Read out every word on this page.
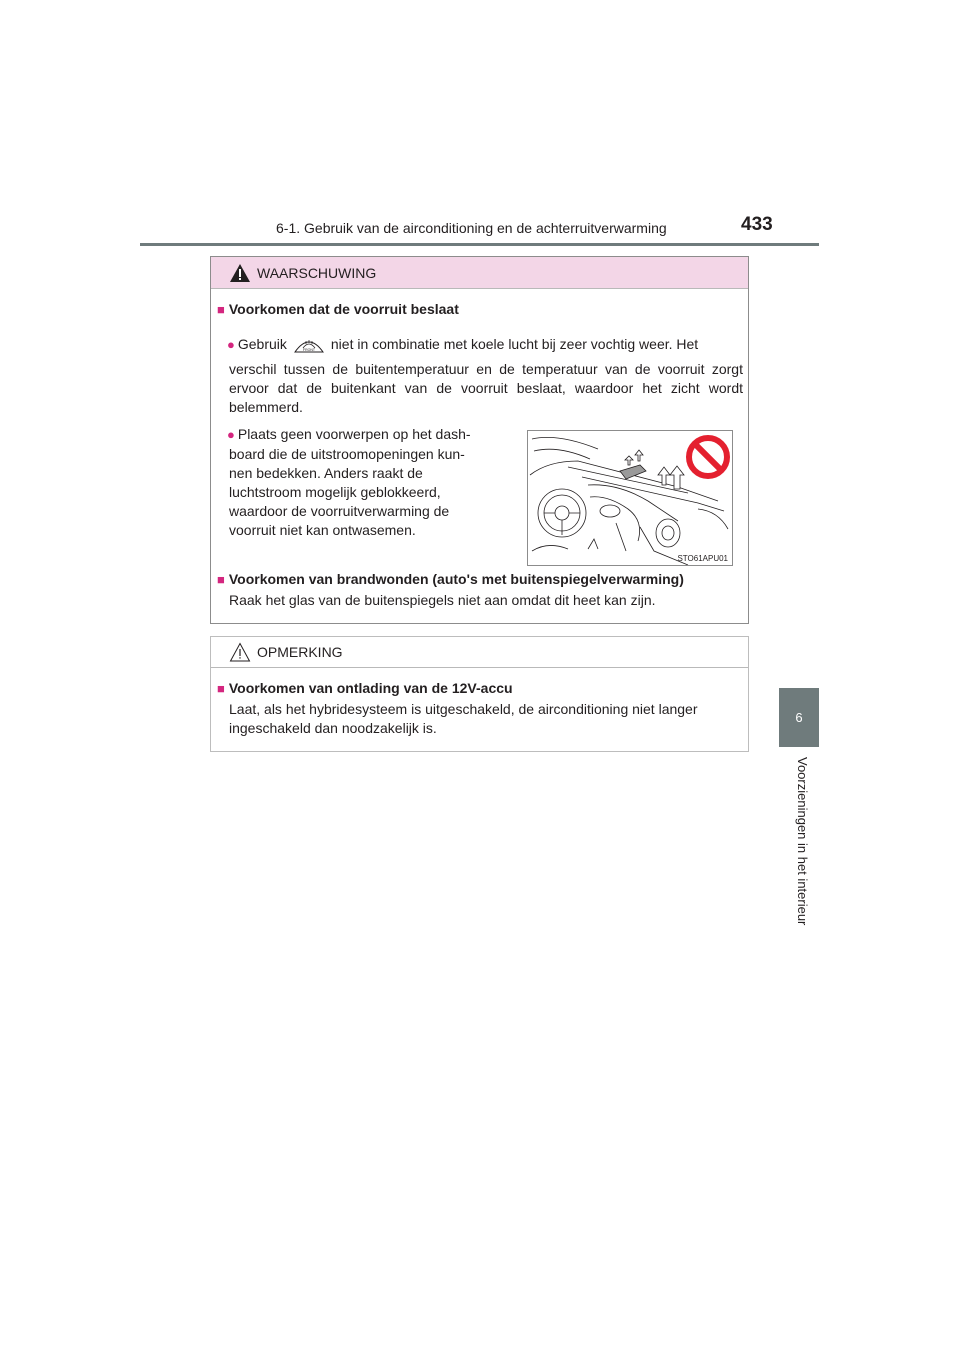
6-1. Gebruik van de airconditioning en de achterruitverwarming	433
6
Voorzieningen in het interieur
WAARSCHUWING
■ Voorkomen dat de voorruit beslaat
● Gebruik	FRONT niet in combinatie met koele lucht bij zeer vochtig weer. Het
verschil tussen de buitentemperatuur en de temperatuur van de voorruit zorgt ervoor dat de buitenkant van de voorruit beslaat, waardoor het zicht wordt belemmerd.
● Plaats geen voorwerpen op het dash-
board die de uitstroomopeningen kun-
nen bedekken. Anders raakt de
luchtstroom mogelijk geblokkeerd,
waardoor de voorruitverwarming de
voorruit niet kan ontwasemen.
STO61APU01
■ Voorkomen van brandwonden (auto's met buitenspiegelverwarming)
Raak het glas van de buitenspiegels niet aan omdat dit heet kan zijn.
OPMERKING
■ Voorkomen van ontlading van de 12V-accu
Laat, als het hybridesysteem is uitgeschakeld, de airconditioning niet langer
ingeschakeld dan noodzakelijk is.
